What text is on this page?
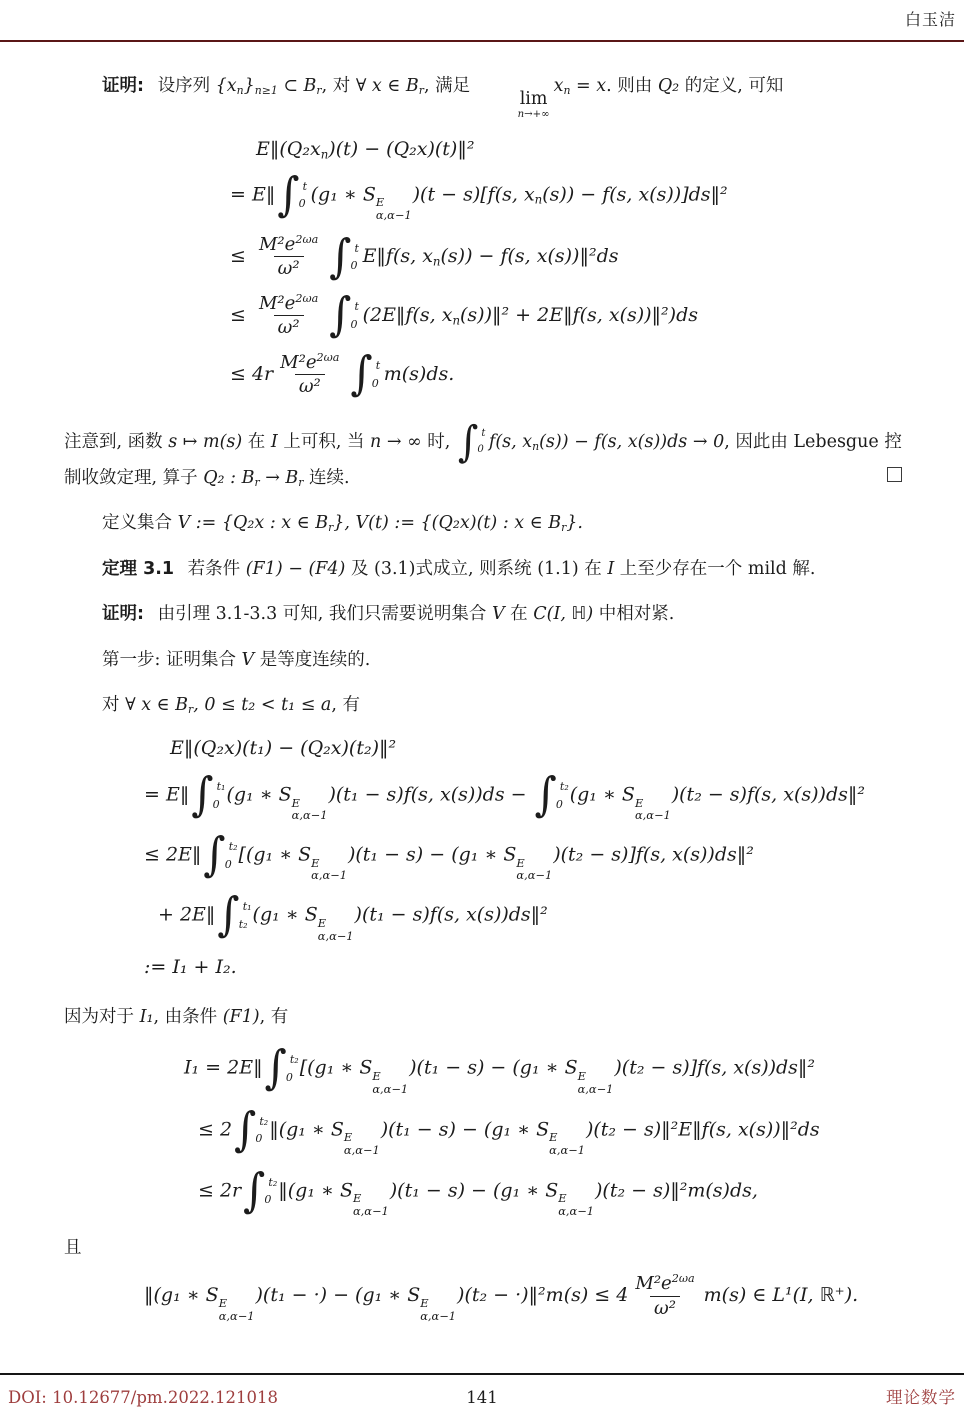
白玉洁

证明: 设序列 {xn}n≥1 ⊂ Br, 对 ∀ x ∈ Br, 满足
lim
n→+∞
xn = x. 则由 Q₂ 的定义, 可知

E‖(Q₂xn)(t) − (Q₂x)(t)‖²
= E‖ ∫ t
0 (g₁ ∗ S E
α,α−1
)(t − s)[f(s, xn(s)) − f(s, x(s))]ds‖²
≤ $\frac{M^2e^{2\omega a}}{\text{ω²}}$ ∫ t
0 E‖f(s, xn(s)) − f(s, x(s))‖²ds
≤ $\frac{M^2e^{2\omega a}}{\text{ω²}}$ ∫ t
0 (2E‖f(s, xn(s))‖² + 2E‖f(s, x(s))‖²)ds
≤ $4r \frac{M^2e^{2\omega a}}{\text{ω²}}$ ∫ t
0 m(s)ds.

注意到, 函数 s ↦ m(s) 在 I 上可积, 当 n → ∞ 时, ∫ t
0 f(s, xn(s)) − f(s, x(s))ds → 0, 因此由 Lebesgue 控制收敛定理, 算子 Q₂ : Br → Br 连续.

定义集合 V := {Q₂x : x ∈ Br}, V(t) := {(Q₂x)(t) : x ∈ Br}.

定理 3.1 若条件 (F1) − (F4) 及 (3.1)式成立, 则系统 (1.1) 在 I 上至少存在一个 mild 解.

证明: 由引理 3.1-3.3 可知, 我们只需要说明集合 V 在 C(I, ℍ) 中相对紧.

第一步: 证明集合 V 是等度连续的.

对 ∀ x ∈ Br, 0 ≤ t₂ < t₁ ≤ a, 有

E‖(Q₂x)(t₁) − (Q₂x)(t₂)‖²
= E‖ ∫ t₁
0 (g₁ ∗ S E
α,α−1
)(t₁ − s)f(s, x(s))ds − ∫ t₂
0 (g₁ ∗ S E
α,α−1
)(t₂ − s)f(s, x(s))ds‖²
≤ 2E‖ ∫ t₂
0 [(g₁ ∗ S E
α,α−1
)(t₁ − s) − (g₁ ∗ S E
α,α−1
)(t₂ − s)]f(s, x(s))ds‖²
+ 2E‖ ∫ t₁
t₂ (g₁ ∗ S E
α,α−1
)(t₁ − s)f(s, x(s))ds‖²
:= I₁ + I₂.

因为对于 I₁, 由条件 (F1), 有

I₁ = 2E‖ ∫ t₂
0 [(g₁ ∗ S E
α,α−1
)(t₁ − s) − (g₁ ∗ S E
α,α−1
)(t₂ − s)]f(s, x(s))ds‖²
≤ 2 ∫ t₂
0 ‖(g₁ ∗ S E
α,α−1
)(t₁ − s) − (g₁ ∗ S E
α,α−1
)(t₂ − s)‖²E‖f(s, x(s))‖²ds
≤ 2r ∫ t₂
0 ‖(g₁ ∗ S E
α,α−1
)(t₁ − s) − (g₁ ∗ S E
α,α−1
)(t₂ − s)‖²m(s)ds,

且

‖(g₁ ∗ S E
α,α−1
)(t₁ − ·) − (g₁ ∗ S E
α,α−1
)(t₂ − ·)‖²m(s) ≤ $4 \frac{M^2e^{2\omega a}}{\text{ω²}} m(s)$ ∈ L¹(I, ℝ⁺).
DOI: 10.12677/pm.2022.121018	141	理论数学
